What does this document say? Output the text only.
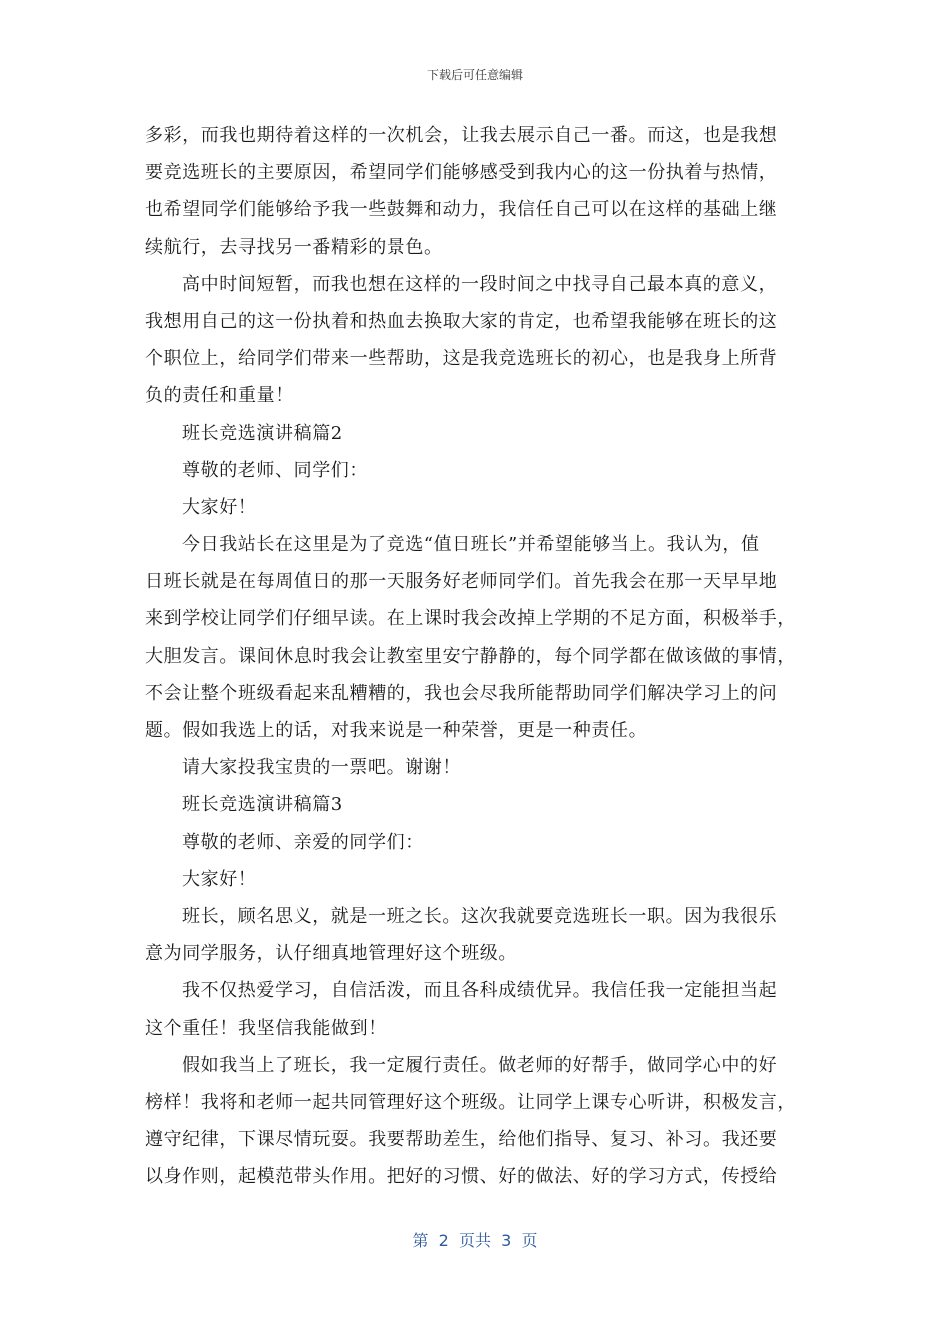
下载后可任意编辑
多彩，而我也期待着这样的一次机会，让我去展示自己一番。而这，也是我想
要竞选班长的主要原因，希望同学们能够感受到我内心的这一份执着与热情，
也希望同学们能够给予我一些鼓舞和动力，我信任自己可以在这样的基础上继
续航行，去寻找另一番精彩的景色。
高中时间短暂，而我也想在这样的一段时间之中找寻自己最本真的意义，
我想用自己的这一份执着和热血去换取大家的肯定，也希望我能够在班长的这
个职位上，给同学们带来一些帮助，这是我竞选班长的初心，也是我身上所背
负的责任和重量！
班长竞选演讲稿篇2
尊敬的老师、同学们：
大家好！
今日我站长在这里是为了竞选“值日班长”并希望能够当上。我认为，值
日班长就是在每周值日的那一天服务好老师同学们。首先我会在那一天早早地
来到学校让同学们仔细早读。在上课时我会改掉上学期的不足方面，积极举手，
大胆发言。课间休息时我会让教室里安宁静静的，每个同学都在做该做的事情，
不会让整个班级看起来乱糟糟的，我也会尽我所能帮助同学们解决学习上的问
题。假如我选上的话，对我来说是一种荣誉，更是一种责任。
请大家投我宝贵的一票吧。谢谢！
班长竞选演讲稿篇3
尊敬的老师、亲爱的同学们：
大家好！
班长，顾名思义，就是一班之长。这次我就要竞选班长一职。因为我很乐
意为同学服务，认仔细真地管理好这个班级。
我不仅热爱学习，自信活泼，而且各科成绩优异。我信任我一定能担当起
这个重任！我坚信我能做到！
假如我当上了班长，我一定履行责任。做老师的好帮手，做同学心中的好
榜样！我将和老师一起共同管理好这个班级。让同学上课专心听讲，积极发言，
遵守纪律，下课尽情玩耍。我要帮助差生，给他们指导、复习、补习。我还要
以身作则，起模范带头作用。把好的习惯、好的做法、好的学习方式，传授给
第  2  页共  3  页
